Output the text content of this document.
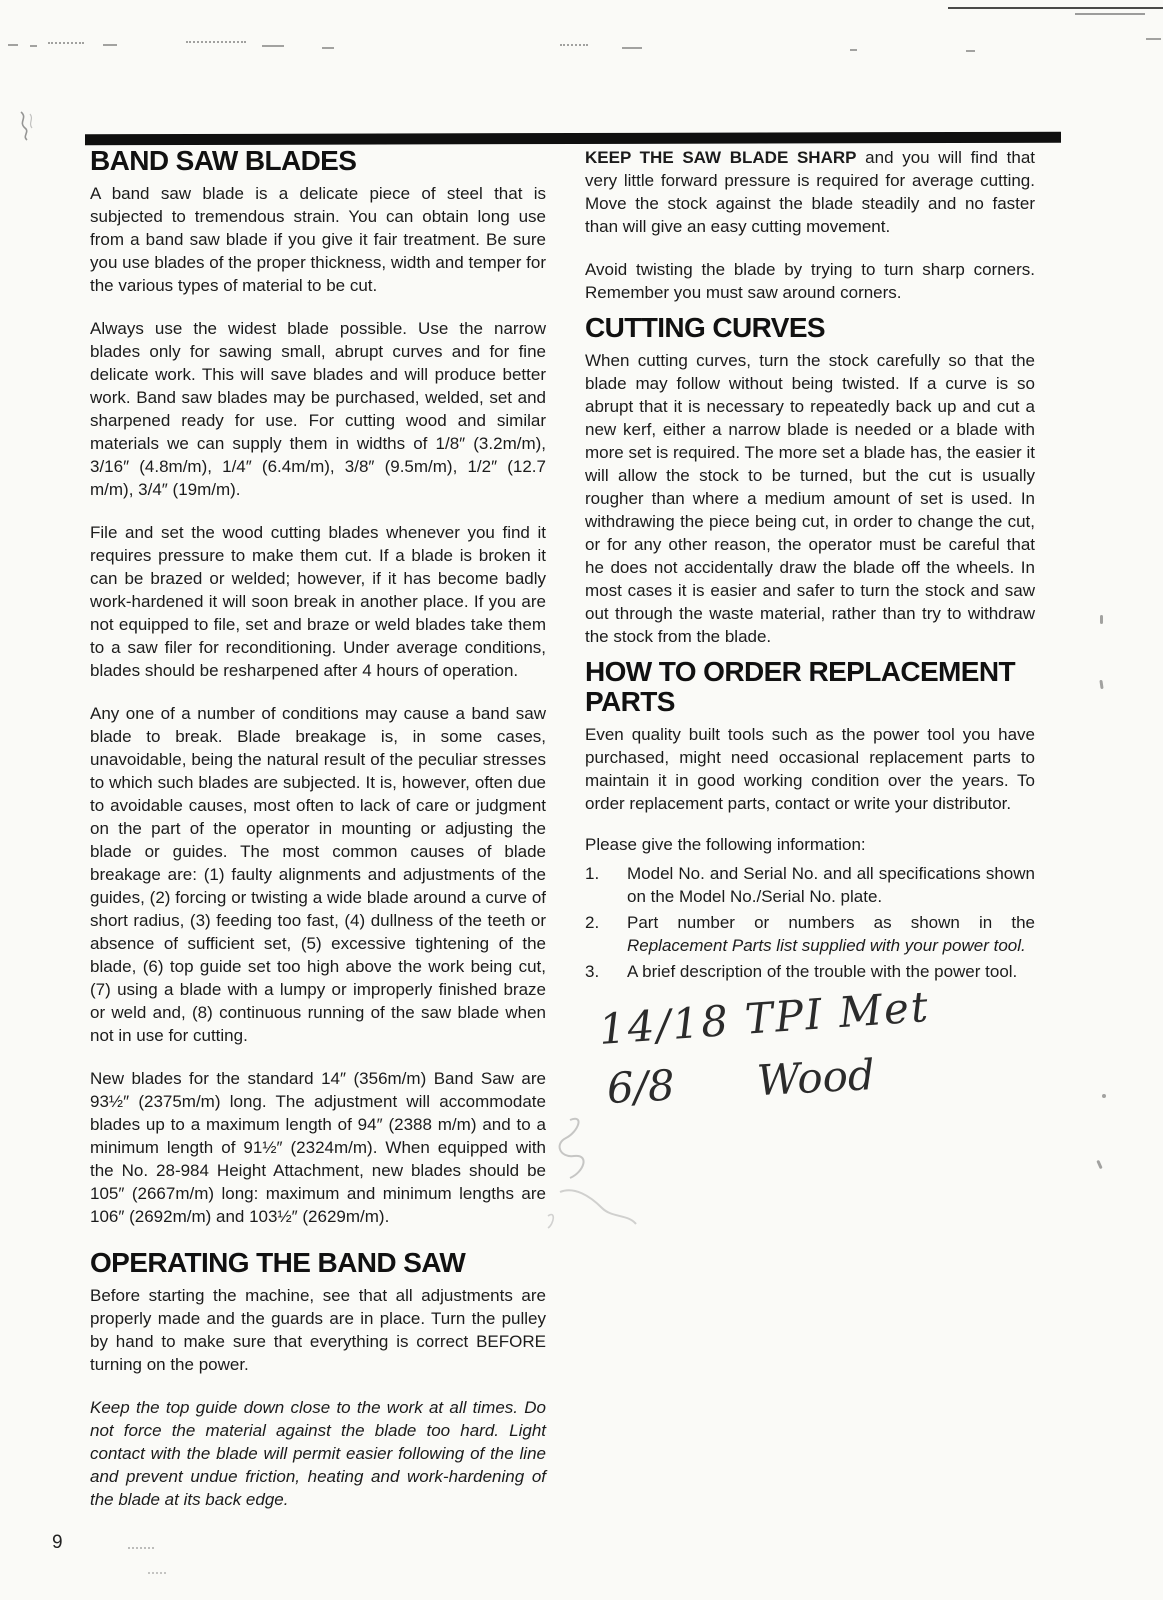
BAND SAW BLADES

A band saw blade is a delicate piece of steel that is subjected to tremendous strain. You can obtain long use from a band saw blade if you give it fair treatment. Be sure you use blades of the proper thickness, width and temper for the various types of material to be cut.

Always use the widest blade possible. Use the narrow blades only for sawing small, abrupt curves and for fine delicate work. This will save blades and will produce better work. Band saw blades may be purchased, welded, set and sharpened ready for use. For cutting wood and similar materials we can supply them in widths of 1/8″ (3.2m/m), 3/16″ (4.8m/m), 1/4″ (6.4m/m), 3/8″ (9.5m/m), 1/2″ (12.7 m/m), 3/4″ (19m/m).

File and set the wood cutting blades whenever you find it requires pressure to make them cut. If a blade is broken it can be brazed or welded; however, if it has become badly work-hardened it will soon break in another place. If you are not equipped to file, set and braze or weld blades take them to a saw filer for reconditioning. Under average conditions, blades should be resharpened after 4 hours of operation.

Any one of a number of conditions may cause a band saw blade to break. Blade breakage is, in some cases, unavoidable, being the natural result of the peculiar stresses to which such blades are subjected. It is, however, often due to avoidable causes, most often to lack of care or judgment on the part of the operator in mounting or adjusting the blade or guides. The most common causes of blade breakage are: (1) faulty alignments and adjustments of the guides, (2) forcing or twisting a wide blade around a curve of short radius, (3) feeding too fast, (4) dullness of the teeth or absence of sufficient set, (5) excessive tightening of the blade, (6) top guide set too high above the work being cut, (7) using a blade with a lumpy or improperly finished braze or weld and, (8) continuous running of the saw blade when not in use for cutting.

New blades for the standard 14″ (356m/m) Band Saw are 93½″ (2375m/m) long. The adjustment will accommodate blades up to a maximum length of 94″ (2388 m/m) and to a minimum length of 91½″ (2324m/m). When equipped with the No. 28-984 Height Attachment, new blades should be 105″ (2667m/m) long: maximum and minimum lengths are 106″ (2692m/m) and 103½″ (2629m/m).

OPERATING THE BAND SAW

Before starting the machine, see that all adjustments are properly made and the guards are in place. Turn the pulley by hand to make sure that everything is correct BEFORE turning on the power.

Keep the top guide down close to the work at all times. Do not force the material against the blade too hard. Light contact with the blade will permit easier following of the line and prevent undue friction, heating and work-hardening of the blade at its back edge.

KEEP THE SAW BLADE SHARP and you will find that very little forward pressure is required for average cutting. Move the stock against the blade steadily and no faster than will give an easy cutting movement.

Avoid twisting the blade by trying to turn sharp corners. Remember you must saw around corners.

CUTTING CURVES

When cutting curves, turn the stock carefully so that the blade may follow without being twisted. If a curve is so abrupt that it is necessary to repeatedly back up and cut a new kerf, either a narrow blade is needed or a blade with more set is required. The more set a blade has, the easier it will allow the stock to be turned, but the cut is usually rougher than where a medium amount of set is used. In withdrawing the piece being cut, in order to change the cut, or for any other reason, the operator must be careful that he does not accidentally draw the blade off the wheels. In most cases it is easier and safer to turn the stock and saw out through the waste material, rather than try to withdraw the stock from the blade.

HOW TO ORDER REPLACEMENT PARTS

Even quality built tools such as the power tool you have purchased, might need occasional replacement parts to maintain it in good working condition over the years. To order replacement parts, contact or write your distributor.

Please give the following information:
1.	Model No. and Serial No. and all specifications shown on the Model No./Serial No. plate.
2.	Part number or numbers as shown in the Replacement Parts list supplied with your power tool.
3.	A brief description of the trouble with the power tool.
14/18 TPI Met
6/8 Wood
9
